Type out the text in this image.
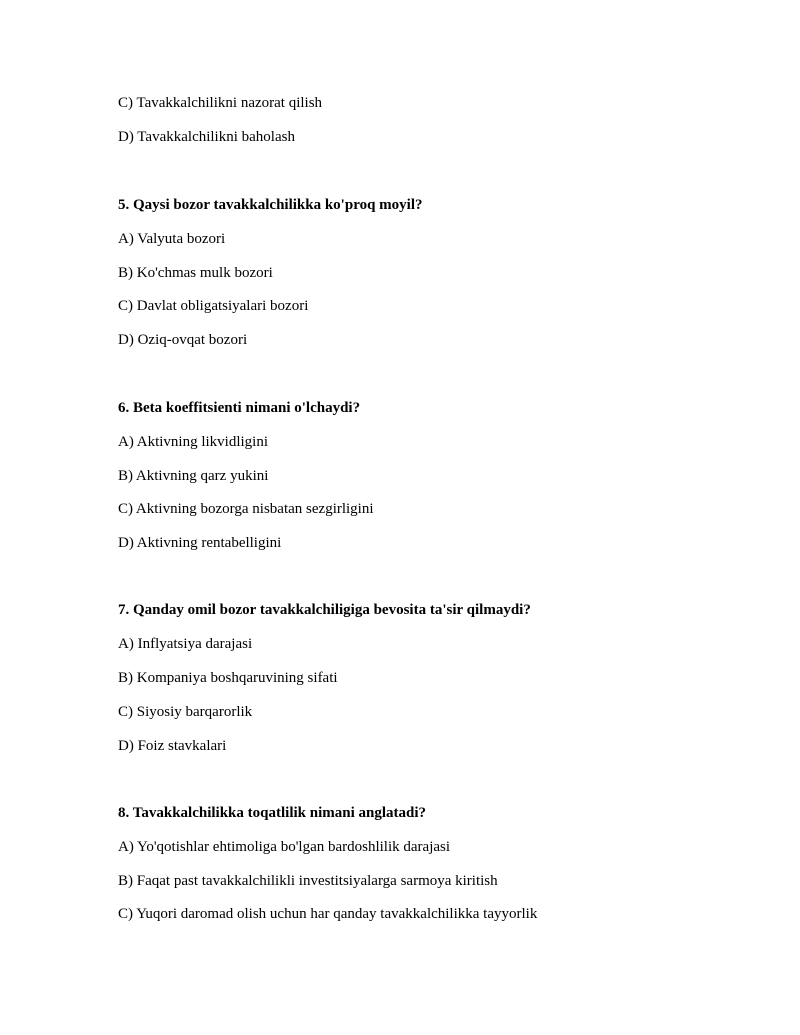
C) Tavakkalchilikni nazorat qilish
D) Tavakkalchilikni baholash
5. Qaysi bozor tavakkalchilikka ko'proq moyil?
A) Valyuta bozori
B) Ko'chmas mulk bozori
C) Davlat obligatsiyalari bozori
D) Oziq-ovqat bozori
6. Beta koeffitsienti nimani o'lchaydi?
A) Aktivning likvidligini
B) Aktivning qarz yukini
C) Aktivning bozorga nisbatan sezgirligini
D) Aktivning rentabelligini
7. Qanday omil bozor tavakkalchiligiga bevosita ta'sir qilmaydi?
A) Inflyatsiya darajasi
B) Kompaniya boshqaruvining sifati
C) Siyosiy barqarorlik
D) Foiz stavkalari
8. Tavakkalchilikka toqatlilik nimani anglatadi?
A) Yo'qotishlar ehtimoliga bo'lgan bardoshlilik darajasi
B) Faqat past tavakkalchilikli investitsiyalarga sarmoya kiritish
C) Yuqori daromad olish uchun har qanday tavakkalchilikka tayyorlik
